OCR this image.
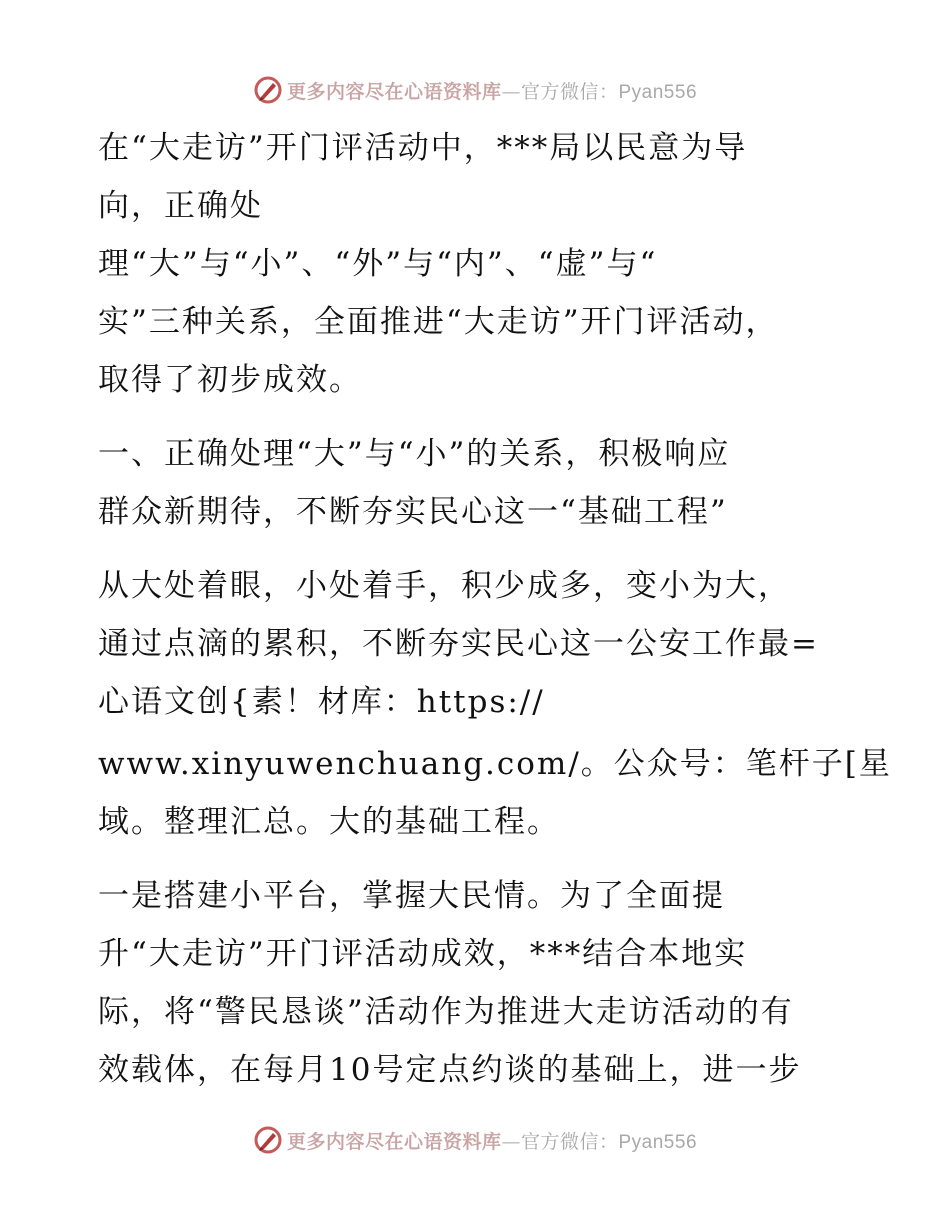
更多内容尽在心语资料库—官方微信：Pyan556
在“大走访”开门评活动中，***局以民意为导
向，正确处
理“大”与“小”、“外”与“内”、“虚”与“
实”三种关系，全面推进“大走访”开门评活动，
取得了初步成效。
一、正确处理“大”与“小”的关系，积极响应
群众新期待，不断夯实民心这一“基础工程”
从大处着眼，小处着手，积少成多，变小为大，
通过点滴的累积，不断夯实民心这一公安工作最=
心语文创{素！材库：https://
www.xinyuwenchuang.com/。公众号：笔杆子[星
域。整理汇总。大的基础工程。
一是搭建小平台，掌握大民情。为了全面提
升“大走访”开门评活动成效，***结合本地实
际，将“警民恳谈”活动作为推进大走访活动的有
效载体，在每月10号定点约谈的基础上，进一步
更多内容尽在心语资料库—官方微信：Pyan556
